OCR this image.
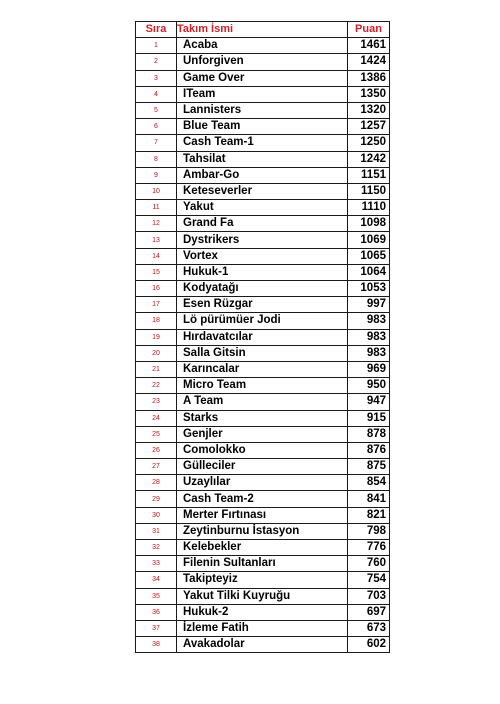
Sıra	Takım İsmi	Puan
1	Acaba	1461
2	Unforgiven	1424
3	Game Over	1386
4	ITeam	1350
5	Lannisters	1320
6	Blue Team	1257
7	Cash Team-1	1250
8	Tahsilat	1242
9	Ambar-Go	1151
10	Keteseverler	1150
11	Yakut	1110
12	Grand Fa	1098
13	Dystrikers	1069
14	Vortex	1065
15	Hukuk-1	1064
16	Kodyatağı	1053
17	Esen Rüzgar	997
18	Lö pürümüer Jodi	983
19	Hırdavatcılar	983
20	Salla Gitsin	983
21	Karıncalar	969
22	Micro Team	950
23	A Team	947
24	Starks	915
25	Genjler	878
26	Comolokko	876
27	Gülleciler	875
28	Uzaylılar	854
29	Cash Team-2	841
30	Merter Fırtınası	821
31	Zeytinburnu İstasyon	798
32	Kelebekler	776
33	Filenin Sultanları	760
34	Takipteyiz	754
35	Yakut Tilki Kuyruğu	703
36	Hukuk-2	697
37	İzleme Fatih	673
38	Avakadolar	602
